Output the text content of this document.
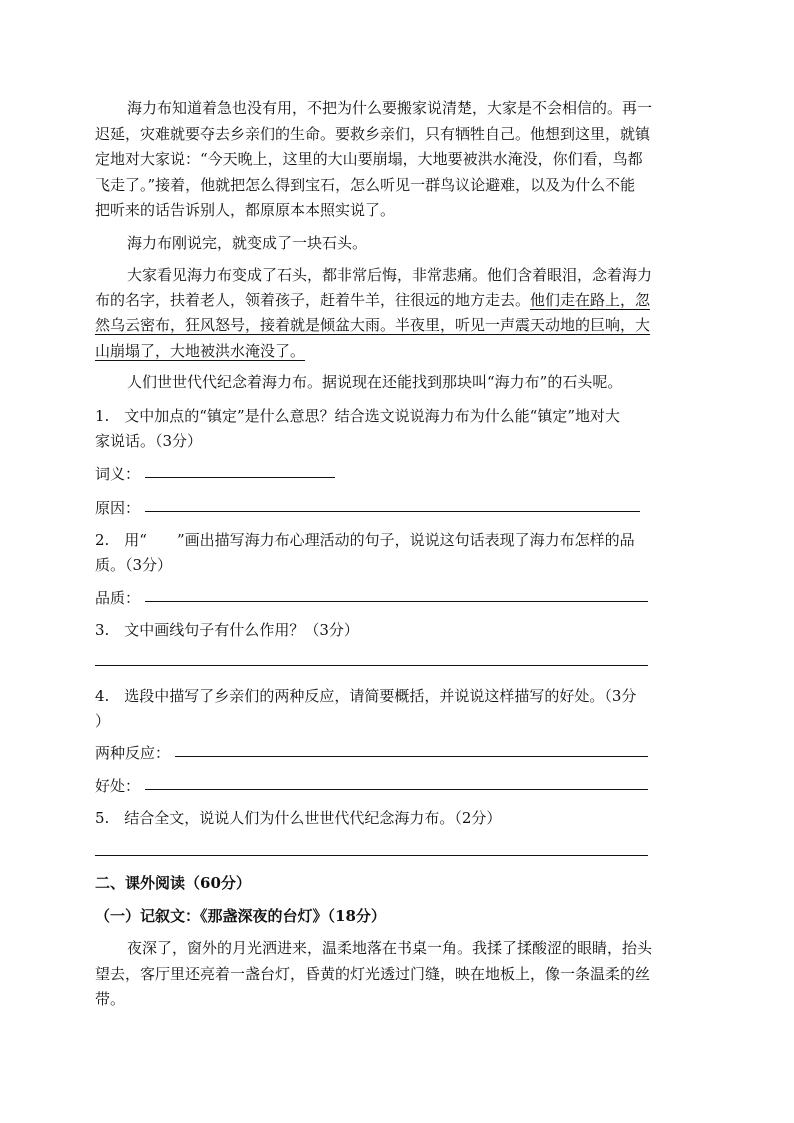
海力布知道着急也没有用，不把为什么要搬家说清楚，大家是不会相信的。再一
迟延，灾难就要夺去乡亲们的生命。要救乡亲们，只有牺牲自己。他想到这里，就镇
定地对大家说：“今天晚上，这里的大山要崩塌，大地要被洪水淹没，你们看，鸟都
飞走了。”接着，他就把怎么得到宝石，怎么听见一群鸟议论避难，以及为什么不能
把听来的话告诉别人，都原原本本照实说了。
海力布刚说完，就变成了一块石头。
大家看见海力布变成了石头，都非常后悔，非常悲痛。他们含着眼泪，念着海力
布的名字，扶着老人，领着孩子，赶着牛羊，往很远的地方走去。他们走在路上，忽
然乌云密布，狂风怒号，接着就是倾盆大雨。半夜里，听见一声震天动地的巨响，大
山崩塌了，大地被洪水淹没了。
人们世世代代纪念着海力布。据说现在还能找到那块叫“海力布”的石头呢。
1.　文中加点的“镇定”是什么意思？结合选文说说海力布为什么能“镇定”地对大
家说话。（3分）
词义：
原因：
2.　用“ ”画出描写海力布心理活动的句子，说说这句话表现了海力布怎样的品
质。（3分）
品质：
3.　文中画线句子有什么作用？（3分）
4.　选段中描写了乡亲们的两种反应，请简要概括，并说说这样描写的好处。（3分
）
两种反应：
好处：
5.　结合全文，说说人们为什么世世代代纪念海力布。（2分）
二、课外阅读（60分）
（一）记叙文：《那盏深夜的台灯》（18分）
夜深了，窗外的月光洒进来，温柔地落在书桌一角。我揉了揉酸涩的眼睛，抬头
望去，客厅里还亮着一盏台灯，昏黄的灯光透过门缝，映在地板上，像一条温柔的丝
带。
